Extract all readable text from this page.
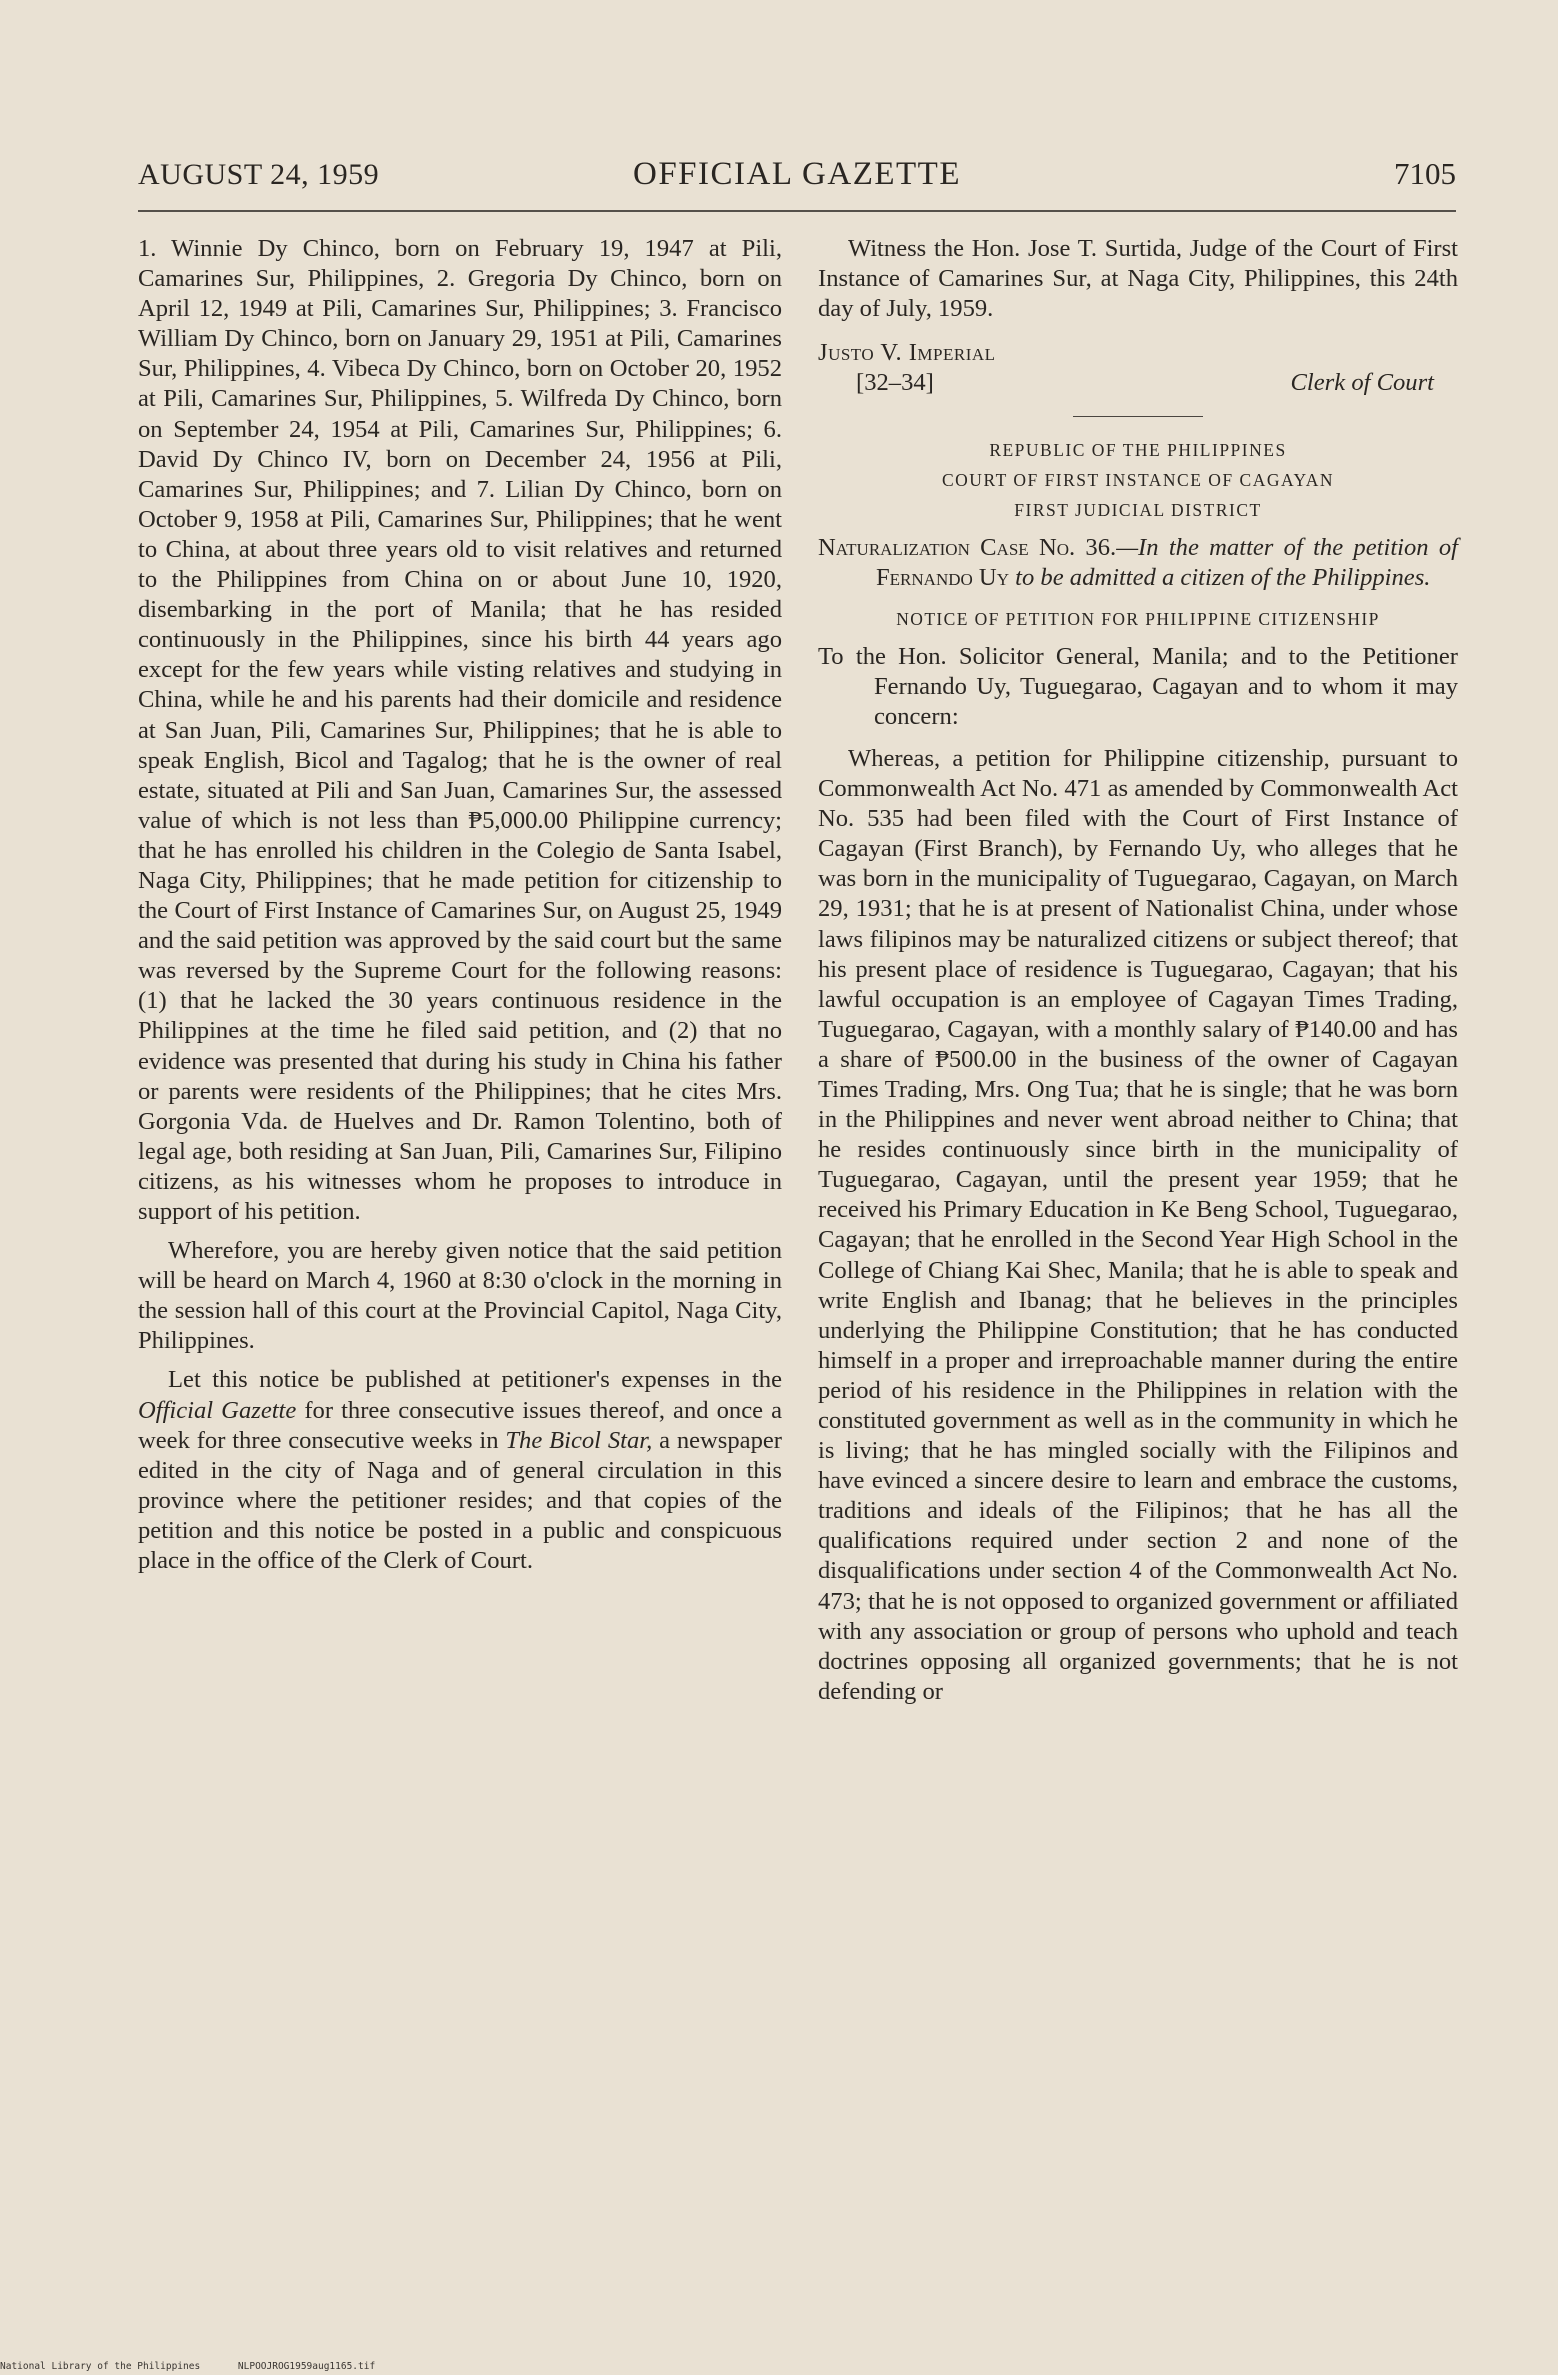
AUGUST 24, 1959	OFFICIAL GAZETTE	7105

1. Winnie Dy Chinco, born on February 19, 1947 at Pili, Camarines Sur, Philippines, 2. Gregoria Dy Chinco, born on April 12, 1949 at Pili, Camarines Sur, Philippines; 3. Francisco William Dy Chinco, born on January 29, 1951 at Pili, Camarines Sur, Philippines, 4. Vibeca Dy Chinco, born on October 20, 1952 at Pili, Camarines Sur, Philippines, 5. Wilfreda Dy Chinco, born on September 24, 1954 at Pili, Camarines Sur, Philippines; 6. David Dy Chinco IV, born on December 24, 1956 at Pili, Camarines Sur, Philippines; and 7. Lilian Dy Chinco, born on October 9, 1958 at Pili, Camarines Sur, Philippines; that he went to China, at about three years old to visit relatives and returned to the Philippines from China on or about June 10, 1920, disembarking in the port of Manila; that he has resided continuously in the Philippines, since his birth 44 years ago except for the few years while visting relatives and studying in China, while he and his parents had their domicile and residence at San Juan, Pili, Camarines Sur, Philippines; that he is able to speak English, Bicol and Tagalog; that he is the owner of real estate, situated at Pili and San Juan, Camarines Sur, the assessed value of which is not less than ₱5,000.00 Philippine currency; that he has enrolled his children in the Colegio de Santa Isabel, Naga City, Philippines; that he made petition for citizenship to the Court of First Instance of Camarines Sur, on August 25, 1949 and the said petition was approved by the said court but the same was reversed by the Supreme Court for the following reasons: (1) that he lacked the 30 years continuous residence in the Philippines at the time he filed said petition, and (2) that no evidence was presented that during his study in China his father or parents were residents of the Philippines; that he cites Mrs. Gorgonia Vda. de Huelves and Dr. Ramon Tolentino, both of legal age, both residing at San Juan, Pili, Camarines Sur, Filipino citizens, as his witnesses whom he proposes to introduce in support of his petition.

Wherefore, you are hereby given notice that the said petition will be heard on March 4, 1960 at 8:30 o'clock in the morning in the session hall of this court at the Provincial Capitol, Naga City, Philippines.

Let this notice be published at petitioner's expenses in the Official Gazette for three consecutive issues thereof, and once a week for three consecutive weeks in The Bicol Star, a newspaper edited in the city of Naga and of general circulation in this province where the petitioner resides; and that copies of the petition and this notice be posted in a public and conspicuous place in the office of the Clerk of Court.

Witness the Hon. Jose T. Surtida, Judge of the Court of First Instance of Camarines Sur, at Naga City, Philippines, this 24th day of July, 1959.

Justo V. Imperial

[32–34]	Clerk of Court
REPUBLIC OF THE PHILIPPINES
COURT OF FIRST INSTANCE OF CAGAYAN
FIRST JUDICIAL DISTRICT

Naturalization Case No. 36.—In the matter of the petition of Fernando Uy to be admitted a citizen of the Philippines.

NOTICE OF PETITION FOR PHILIPPINE CITIZENSHIP

To the Hon. Solicitor General, Manila; and to the Petitioner Fernando Uy, Tuguegarao, Cagayan and to whom it may concern:

Whereas, a petition for Philippine citizenship, pursuant to Commonwealth Act No. 471 as amended by Commonwealth Act No. 535 had been filed with the Court of First Instance of Cagayan (First Branch), by Fernando Uy, who alleges that he was born in the municipality of Tuguegarao, Cagayan, on March 29, 1931; that he is at present of Nationalist China, under whose laws filipinos may be naturalized citizens or subject thereof; that his present place of residence is Tuguegarao, Cagayan; that his lawful occupation is an employee of Cagayan Times Trading, Tuguegarao, Cagayan, with a monthly salary of ₱140.00 and has a share of ₱500.00 in the business of the owner of Cagayan Times Trading, Mrs. Ong Tua; that he is single; that he was born in the Philippines and never went abroad neither to China; that he resides continuously since birth in the municipality of Tuguegarao, Cagayan, until the present year 1959; that he received his Primary Education in Ke Beng School, Tuguegarao, Cagayan; that he enrolled in the Second Year High School in the College of Chiang Kai Shec, Manila; that he is able to speak and write English and Ibanag; that he believes in the principles underlying the Philippine Constitution; that he has conducted himself in a proper and irreproachable manner during the entire period of his residence in the Philippines in relation with the constituted government as well as in the community in which he is living; that he has mingled socially with the Filipinos and have evinced a sincere desire to learn and embrace the customs, traditions and ideals of the Filipinos; that he has all the qualifications required under section 2 and none of the disqualifications under section 4 of the Commonwealth Act No. 473; that he is not opposed to organized government or affiliated with any association or group of persons who uphold and teach doctrines opposing all organized governments; that he is not defending or

National Library of the Philippines	NLPOOJROG1959aug1165.tif
